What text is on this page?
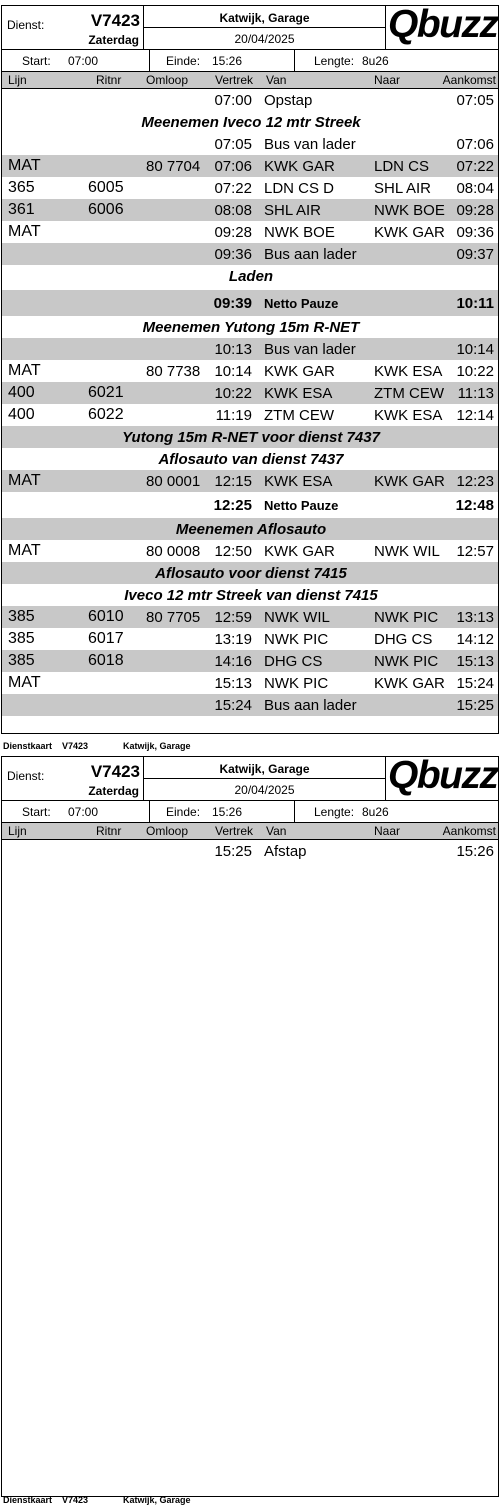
Dienst:	V7423
Zaterdag
Katwijk, Garage
20/04/2025	Qbuzz
Start: 07:00	Einde: 15:26	Lengte: 8u26
Lijn	Ritnr Omloop Vertrek Van	Naar	Aankomst
07:00 Opstap	07:05
Meenemen Iveco 12 mtr Streek
07:05 Bus van lader	07:06
MAT	80 7704 07:06 KWK GAR	LDN CS 07:22
365	6005	07:22 LDN CS D	SHL AIR 08:04
361	6006	08:08 SHL AIR	NWK BOE 09:28
MAT	09:28 NWK BOE	KWK GAR 09:36
09:36 Bus aan lader	09:37
Laden
09:39 Netto Pauze	10:11
Meenemen Yutong 15m R-NET
10:13 Bus van lader	10:14
MAT	80 7738 10:14 KWK GAR	KWK ESA 10:22
400	6021	10:22 KWK ESA	ZTM CEW 11:13
400	6022	11:19 ZTM CEW	KWK ESA 12:14
Yutong 15m R-NET voor dienst 7437
Aflosauto van dienst 7437
MAT	80 0001 12:15 KWK ESA	KWK GAR 12:23
12:25 Netto Pauze	12:48
Meenemen Aflosauto
MAT	80 0008 12:50 KWK GAR	NWK WIL 12:57
Aflosauto voor dienst 7415
Iveco 12 mtr Streek van dienst 7415
385	6010 80 7705 12:59 NWK WIL	NWK PIC 13:13
385	6017	13:19 NWK PIC	DHG CS 14:12
385	6018	14:16 DHG CS	NWK PIC 15:13
MAT	15:13 NWK PIC	KWK GAR 15:24
15:24 Bus aan lader	15:25
Dienstkaart V7423	Katwijk, Garage
Dienst:	V7423
Zaterdag
Katwijk, Garage
20/04/2025	Qbuzz
Start: 07:00	Einde: 15:26	Lengte: 8u26
Lijn	Ritnr Omloop Vertrek Van	Naar	Aankomst
15:25 Afstap	15:26
Dienstkaart V7423	Katwijk, Garage
